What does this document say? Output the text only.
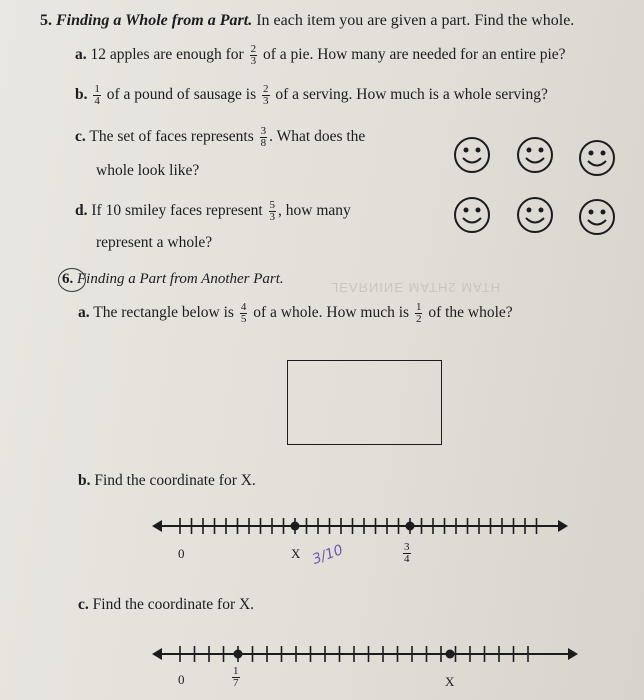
HTAM 2HTAM ƎИIИЯΛƎL
5. Finding a Whole from a Part. In each item you are given a part. Find the whole.
a. 12 apples are enough for $\frac{2}{3}$ of a pie. How many are needed for an entire pie?
b. $\frac{1}{4}$ of a pound of sausage is $\frac{2}{3}$ of a serving. How much is a whole serving?
c. The set of faces represents $\frac{3}{8}$ . What does the
whole look like?
d. If 10 smiley faces represent $\frac{5}{3}$ , how many
represent a whole?
6. Finding a Part from Another Part.
a. The rectangle below is $\frac{4}{5}$ of a whole. How much is $\frac{1}{2}$ of the whole?
b. Find the coordinate for X.
0	X	$\frac{3}{4}$
3/10
c. Find the coordinate for X.
0	$\frac{1}{7}$	X
